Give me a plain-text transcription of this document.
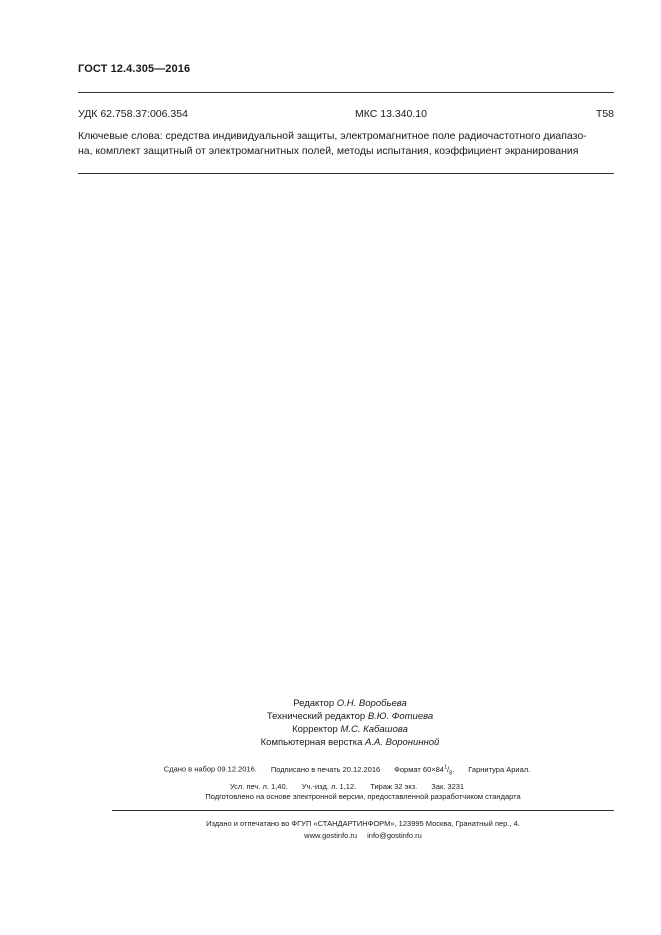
ГОСТ 12.4.305—2016
УДК 62.758.37:006.354	МКС 13.340.10	Т58
Ключевые слова: средства индивидуальной защиты, электромагнитное поле радиочастотного диапазо-
на, комплект защитный от электромагнитных полей, методы испытания, коэффициент экранирования
Редактор О.Н. Воробьева
Технический редактор В.Ю. Фотиева
Корректор М.С. Кабашова
Компьютерная верстка А.А. Воронинной
Сдано в набор 09.12.2016. Подписано в печать 20.12.2016 Формат $60\times 84^1/_8$. Гарнитура Ариал.
Усл. печ. л. 1,40. Уч.-изд. л. 1,12. Тираж 32 экз. Зак. 3231
Подготовлено на основе электронной версии, предоставленной разработчиком стандарта
Издано и отпечатано во ФГУП «СТАНДАРТИНФОРМ», 123995 Москва, Гранатный пер., 4.
www.gostinfo.ru info@gostinfo.ru
